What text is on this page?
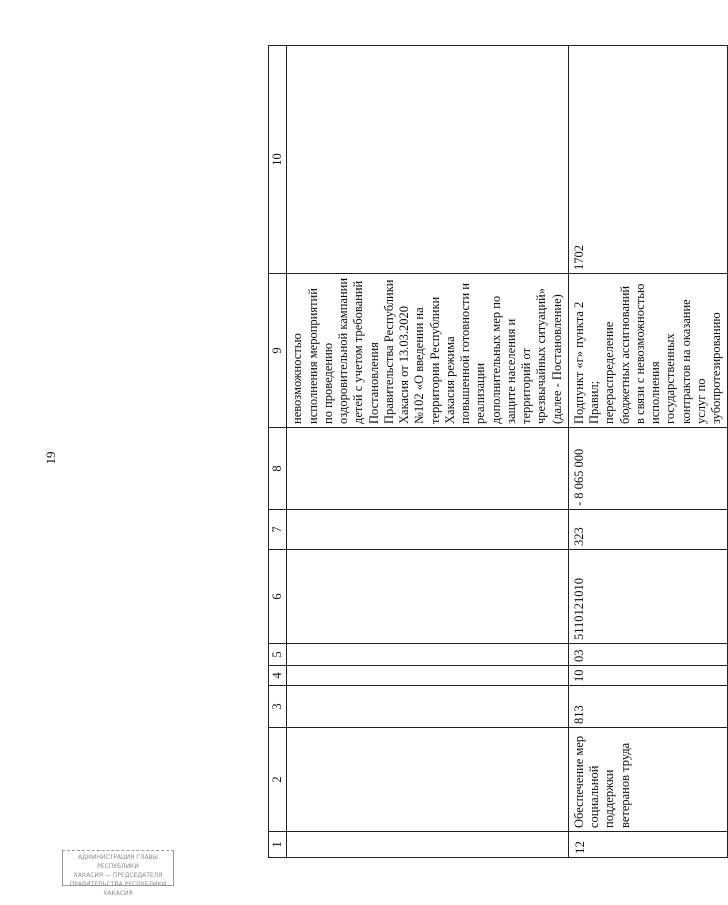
19
1	2	3	4	5	6	7	8	9	10
								невозможностью исполнения мероприятий по проведению оздоровительной кампании детей с учетом требований Постановления Правительства Республики Хакасия от 13.03.2020 №102 «О введении на территории Республики Хакасия режима повышенной готовности и реализации дополнительных мер по защите населения и территорий от чрезвычайных ситуаций» (далее - Постановление)	
12	Обеспечение мер социальной поддержки ветеранов труда	813	10	03	5110121010	323	- 8 065 000	Подпункт «г» пункта 2 Правил; перераспределение бюджетных ассигнований в связи с невозможностью исполнения государственных контрактов на оказание услуг по зубопротезированию	1702
АДМИНИСТРАЦИЯ ГЛАВЫ РЕСПУБЛИКИ
ХАКАСИЯ — ПРЕДСЕДАТЕЛЯ
ПРАВИТЕЛЬСТВА РЕСПУБЛИКИ ХАКАСИЯ
